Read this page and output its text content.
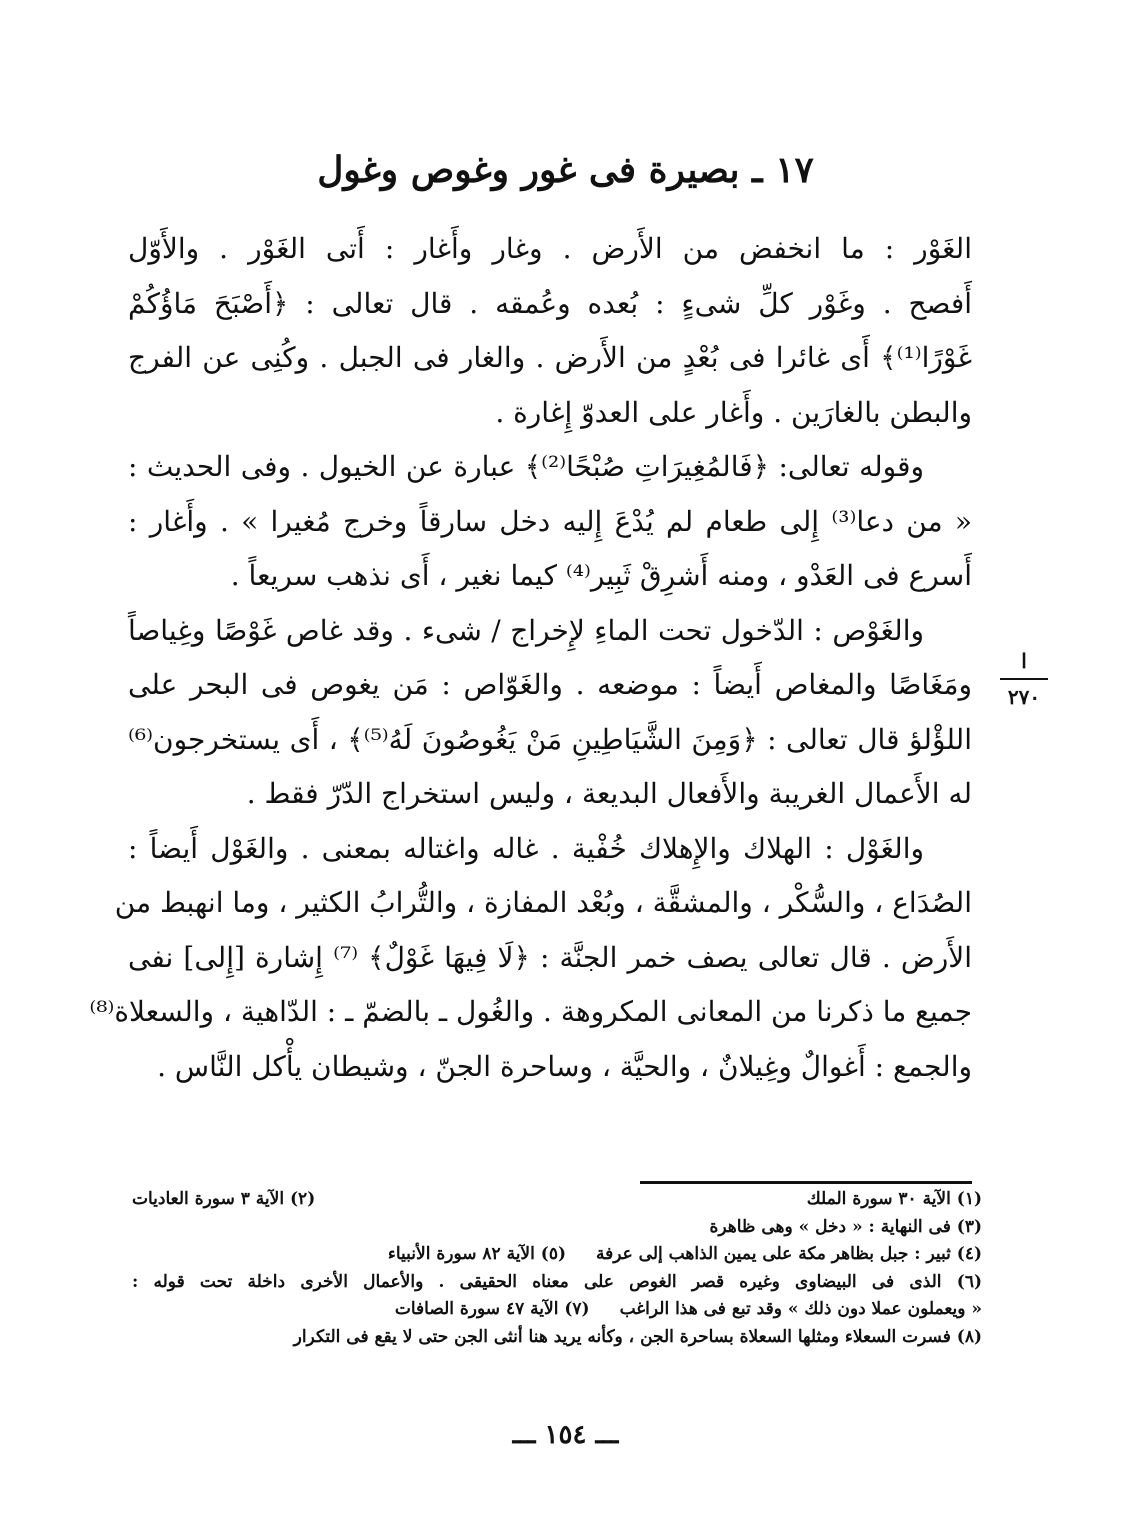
١٧ ـ بصيرة فى غور وغوص وغول
الغَوْر : ما انخفض من الأَرض . وغار وأَغار : أَتى الغَوْر . والأَوّل
أَفصح . وغَوْر كلِّ شىءٍ : بُعده وعُمقه . قال تعالى : ﴿أَصْبَحَ مَاؤُكُمْ
غَوْرًا⁽¹⁾﴾ أَى غائرا فى بُعْدٍ من الأَرض . والغار فى الجبل . وكُنِى عن الفرج
والبطن بالغارَين . وأَغار على العدوّ إِغارة .
وقوله تعالى: ﴿فَالمُغِيرَاتِ صُبْحًا⁽²⁾﴾ عبارة عن الخيول . وفى الحديث :
« من دعا⁽³⁾ إِلى طعام لم يُدْعَ إِليه دخل سارقاً وخرج مُغيرا » . وأَغار :
أَسرع فى العَدْو ، ومنه أَشرِقْ ثَبِير⁽⁴⁾ كيما نغير ، أَى نذهب سريعاً .
والغَوْص : الدّخول تحت الماءِ لإِخراج / شىء . وقد غاص غَوْصًا وغِياصاً
ومَغَاصًا والمغاص أَيضاً : موضعه . والغَوّاص : مَن يغوص فى البحر على
اللؤْلؤ قال تعالى : ﴿وَمِنَ الشَّيَاطِينِ مَنْ يَغُوصُونَ لَهُ⁽⁵⁾﴾ ، أَى يستخرجون⁽⁶⁾
له الأَعمال الغريبة والأَفعال البديعة ، وليس استخراج الدّرّ فقط .
والغَوْل : الهلاك والإِهلاك خُفْية . غاله واغتاله بمعنى . والغَوْل أَيضاً :
الصُدَاع ، والسُّكْر ، والمشقَّة ، وبُعْد المفازة ، والتُّرابُ الكثير ، وما انهبط من
الأَرض . قال تعالى يصف خمر الجنَّة : ﴿لَا فِيهَا غَوْلٌ﴾ ⁽⁷⁾ إِشارة [إِلى] نفى
جميع ما ذكرنا من المعانى المكروهة . والغُول ـ بالضمّ ـ : الدّاهية ، والسعلاة⁽⁸⁾
والجمع : أَغوالٌ وغِيلانٌ ، والحيَّة ، وساحرة الجنّ ، وشيطان يأْكل النَّاس .
ا
٢٧٠
(١) الآية ٣٠ سورة الملك
(٢) الآية ٣ سورة العاديات
(٣) فى النهاية : « دخل » وهى ظاهرة
(٤) ثبير : جبل بظاهر مكة على يمين الذاهب إلى عرفة(٥) الآية ٨٢ سورة الأنبياء
(٦) الذى فى البيضاوى وغيره قصر الغوص على معناه الحقيقى . والأعمال الأخرى داخلة تحت قوله :
« ويعملون عملا دون ذلك » وقد تبع فى هذا الراغب(٧) الآية ٤٧ سورة الصافات
(٨) فسرت السعلاء ومثلها السعلاة بساحرة الجن ، وكأنه يريد هنا أنثى الجن حتى لا يقع فى التكرار
ـــ ١٥٤ ـــ
